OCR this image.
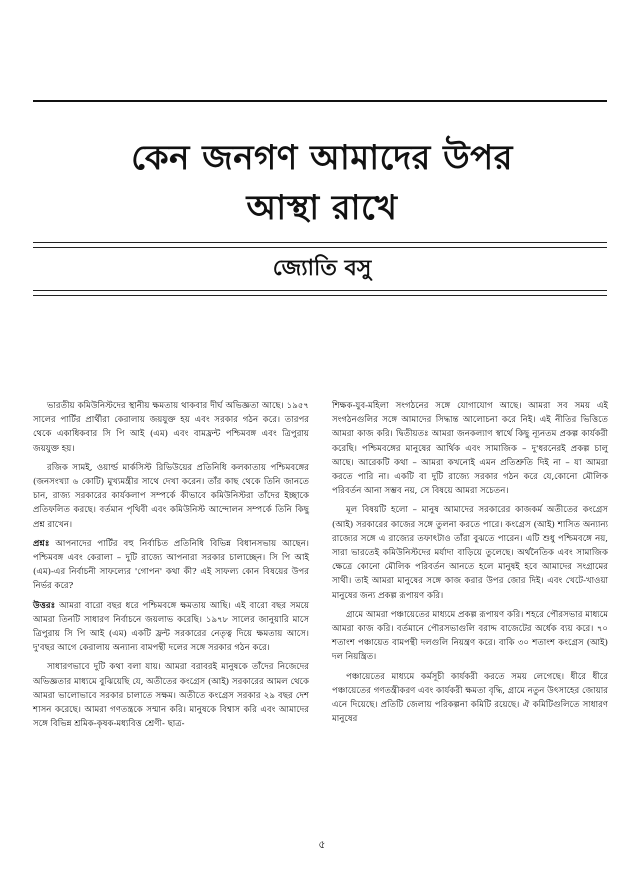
কেন জনগণ আমাদের উপর
আস্থা রাখে
জ্যোতি বসু

ভারতীয় কমিউনিস্টদের স্থানীয় ক্ষমতায় থাকবার দীর্ঘ অভিজ্ঞতা আছে। ১৯৫৭ সালের পার্টির প্রার্থীরা কেরালায় জয়যুক্ত হয় এবং সরকার গঠন করে। তারপর থেকে একাধিকবার সি পি আই (এম) এবং বামফ্রন্ট পশ্চিমবঙ্গ এবং ত্রিপুরায় জয়যুক্ত হয়।

রজিক সামই, ওয়ার্ল্ড মার্কসিস্ট রিভিউয়ের প্রতিনিধি কলকাতায় পশ্চিমবঙ্গের (জনসংখ্যা ৬ কোটি) মুখ্যমন্ত্রীর সাথে দেখা করেন। তাঁর কাছ থেকে তিনি জানতে চান, রাজ্য সরকারের কার্যকলাপ সম্পর্কে কীভাবে কমিউনিস্টরা তাঁদের ইচ্ছাকে প্রতিফলিত করছে। বর্তমান পৃথিবী এবং কমিউনিস্ট আন্দোলন সম্পর্কে তিনি কিছু প্রশ্ন রাখেন।

প্রশ্নঃ আপনাদের পার্টির বহু নির্বাচিত প্রতিনিধি বিভিন্ন বিধানসভায় আছেন। পশ্চিমবঙ্গ এবং কেরালা – দুটি রাজ্যে আপনারা সরকার চালাচ্ছেন। সি পি আই (এম)-এর নির্বাচনী সাফল্যের 'গোপন' কথা কী? এই সাফল্য কোন বিষয়ের উপর নির্ভর করে?

উত্তরঃ আমরা বারো বছর ধরে পশ্চিমবঙ্গে ক্ষমতায় আছি। এই বারো বছর সময়ে আমরা তিনটি সাধারণ নির্বাচনে জয়লাভ করেছি। ১৯৭৮ সালের জানুয়ারি মাসে ত্রিপুরায় সি পি আই (এম) একটি ফ্রন্ট সরকারের নেতৃত্ব দিয়ে ক্ষমতায় আসে। দু'বছর আগে কেরালায় অন্যান্য বামপন্থী দলের সঙ্গে সরকার গঠন করে।

সাধারণভাবে দুটি কথা বলা যায়। আমরা বরাবরই মানুষকে তাঁদের নিজেদের অভিজ্ঞতার মাধ্যমে বুঝিয়েছি যে, অতীতের কংগ্রেস (আই) সরকারের আমল থেকে আমরা ভালোভাবে সরকার চালাতে সক্ষম। অতীতে কংগ্রেস সরকার ২৯ বছর দেশ শাসন করেছে। আমরা গণতন্ত্রকে সম্মান করি। মানুষকে বিশ্বাস করি এবং আমাদের সঙ্গে বিভিন্ন শ্রমিক-কৃষক-মধ্যবিত্ত শ্রেণী- ছাত্র-

শিক্ষক-যুব-মহিলা সংগঠনের সঙ্গে যোগাযোগ আছে। আমরা সব সময় এই সংগঠনগুলির সঙ্গে আমাদের সিদ্ধান্ত আলোচনা করে নিই। এই নীতির ভিত্তিতে আমরা কাজ করি। দ্বিতীয়তঃ আমরা জনকল্যাণ স্বার্থে কিছু ন্যূনতম প্রকল্প কার্যকরী করেছি। পশ্চিমবঙ্গের মানুষের আর্থিক এবং সামাজিক – দু'ধরনেরই প্রকল্প চালু আছে। আরেকটি কথা – আমরা কখনোই এমন প্রতিশ্রুতি দিই না – যা আমরা করতে পারি না। একটি বা দুটি রাজ্যে সরকার গঠন করে যে,কোনো মৌলিক পরিবর্তন আনা সম্ভব নয়, সে বিষয়ে আমরা সচেতন।

মূল বিষয়টি হলো – মানুষ আমাদের সরকারের কাজকর্ম অতীতের কংগ্রেস (আই) সরকারের কাজের সঙ্গে তুলনা করতে পারে। কংগ্রেস (আই) শাসিত অন্যান্য রাজ্যের সঙ্গে এ রাজ্যের তফাৎটাও তাঁরা বুঝতে পারেন। এটি শুধু পশ্চিমবঙ্গে নয়, সারা ভারতেই কমিউনিস্টদের মর্যাদা বাড়িয়ে তুলেছে। অর্থনৈতিক এবং সামাজিক ক্ষেত্রে কোনো মৌলিক পরিবর্তন আনতে হলে মানুষই হবে আমাদের সংগ্রামের সাথী। তাই আমরা মানুষের সঙ্গে কাজ করার উপর জোর দিই। এবং খেটে-খাওয়া মানুষের জন্য প্রকল্প রূপায়ণ করি।

গ্রামে আমরা পঞ্চায়েতের মাধ্যমে প্রকল্প রূপায়ণ করি। শহরে পৌরসভার মাধ্যমে আমরা কাজ করি। বর্তমানে পৌরসভাগুলি বরাদ্দ বাজেটের অর্ধেক ব্যয় করে। ৭০ শতাংশ পঞ্চায়েত বামপন্থী দলগুলি নিয়ন্ত্রণ করে। বাকি ৩০ শতাংশ কংগ্রেস (আই) দল নিয়ন্ত্রিত।

পঞ্চায়েতের মাধ্যমে কর্মসূচী কার্যকরী করতে সময় লেগেছে। ধীরে ধীরে পঞ্চায়েতের গণতন্ত্রীকরণ এবং কার্যকরী ক্ষমতা বৃদ্ধি, গ্রামে নতুন উৎসাহের জোয়ার এনে দিয়েছে। প্রতিটি জেলায় পরিকল্পনা কমিটি রয়েছে। ঐ কমিটিগুলিতে সাধারণ মানুষের

৫
